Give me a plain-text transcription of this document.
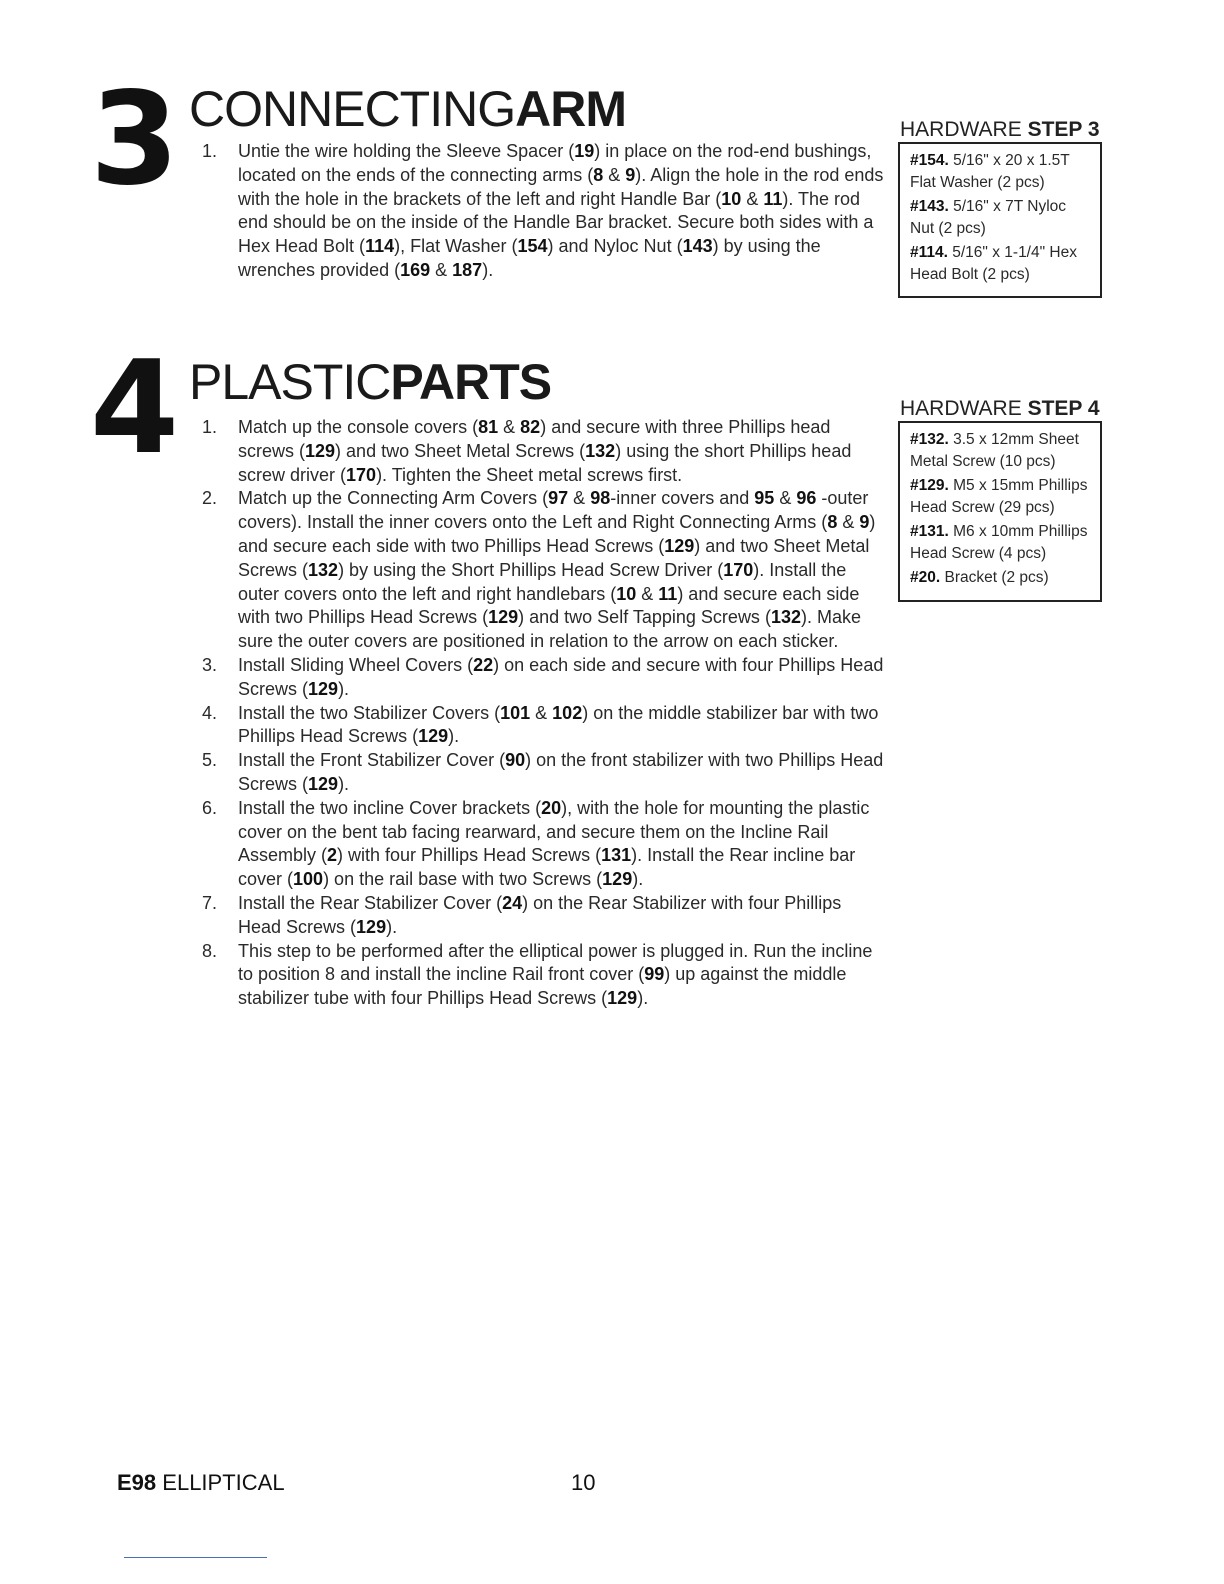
3 CONNECTINGARM
1. Untie the wire holding the Sleeve Spacer (19) in place on the rod-end bushings, located on the ends of the connecting arms (8 & 9). Align the hole in the rod ends with the hole in the brackets of the left and right Handle Bar (10 & 11). The rod end should be on the inside of the Handle Bar bracket. Secure both sides with a Hex Head Bolt (114), Flat Washer (154) and Nyloc Nut (143) by using the wrenches provided (169 & 187).
HARDWARE STEP 3
#154. 5/16" x 20 x 1.5T Flat Washer (2 pcs)
#143. 5/16" x 7T Nyloc Nut (2 pcs)
#114. 5/16" x 1-1/4" Hex Head Bolt (2 pcs)
4 PLASTICPARTS
1. Match up the console covers (81 & 82) and secure with three Phillips head screws (129) and two Sheet Metal Screws (132) using the short Phillips head screw driver (170). Tighten the Sheet metal screws first.
2. Match up the Connecting Arm Covers (97 & 98-inner covers and 95 & 96 -outer covers). Install the inner covers onto the Left and Right Connecting Arms (8 & 9) and secure each side with two Phillips Head Screws (129) and two Sheet Metal Screws (132) by using the Short Phillips Head Screw Driver (170). Install the outer covers onto the left and right handlebars (10 & 11) and secure each side with two Phillips Head Screws (129) and two Self Tapping Screws (132). Make sure the outer covers are positioned in relation to the arrow on each sticker.
3. Install Sliding Wheel Covers (22) on each side and secure with four Phillips Head Screws (129).
4. Install the two Stabilizer Covers (101 & 102) on the middle stabilizer bar with two Phillips Head Screws (129).
5. Install the Front Stabilizer Cover (90) on the front stabilizer with two Phillips Head Screws (129).
6. Install the two incline Cover brackets (20), with the hole for mounting the plastic cover on the bent tab facing rearward, and secure them on the Incline Rail Assembly (2) with four Phillips Head Screws (131). Install the Rear incline bar cover (100) on the rail base with two Screws (129).
7. Install the Rear Stabilizer Cover (24) on the Rear Stabilizer with four Phillips Head Screws (129).
8. This step to be performed after the elliptical power is plugged in. Run the incline to position 8 and install the incline Rail front cover (99) up against the middle stabilizer tube with four Phillips Head Screws (129).
HARDWARE STEP 4
#132. 3.5 x 12mm Sheet Metal Screw (10 pcs)
#129. M5 x 15mm Phillips Head Screw (29 pcs)
#131. M6 x 10mm Phillips Head Screw (4 pcs)
#20. Bracket (2 pcs)
E98 ELLIPTICAL	10
